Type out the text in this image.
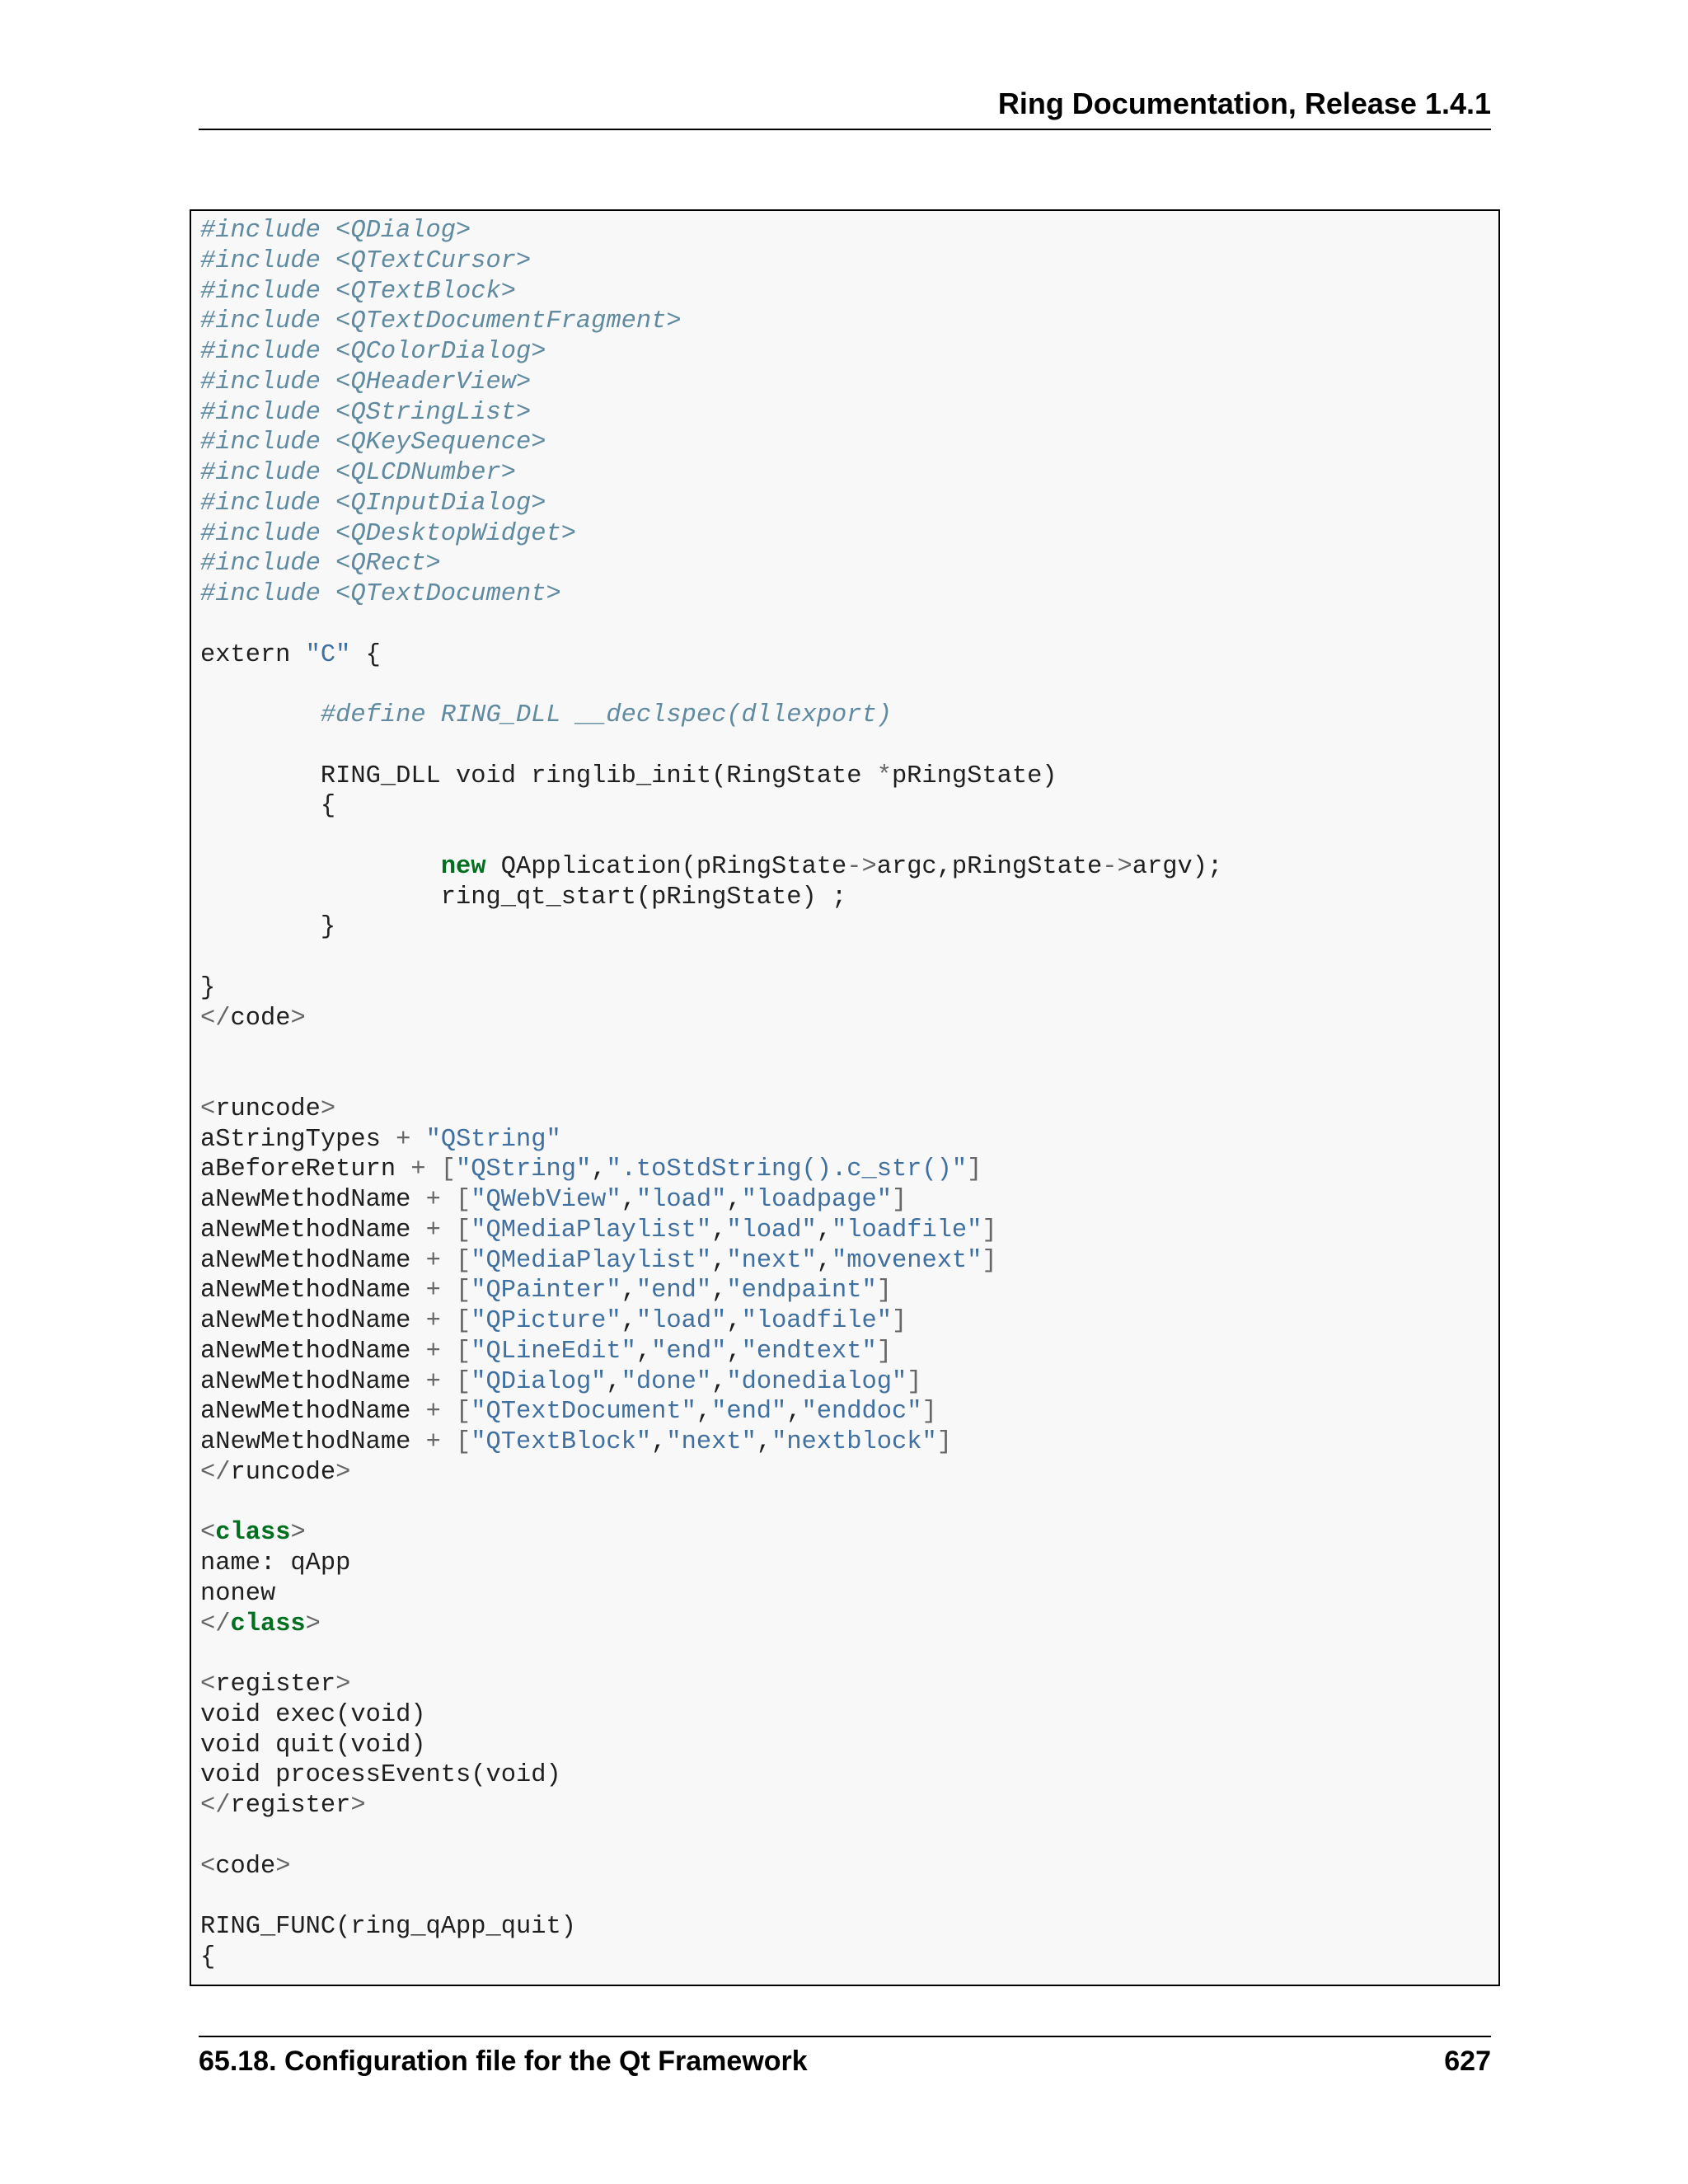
Ring Documentation, Release 1.4.1
#include <QDialog>
#include <QTextCursor>
#include <QTextBlock>
#include <QTextDocumentFragment>
#include <QColorDialog>
#include <QHeaderView>
#include <QStringList>
#include <QKeySequence>
#include <QLCDNumber>
#include <QInputDialog>
#include <QDesktopWidget>
#include <QRect>
#include <QTextDocument>

extern "C" {

#define RING_DLL __declspec(dllexport)

RING_DLL void ringlib_init(RingState *pRingState)
{

new QApplication(pRingState->argc,pRingState->argv);
ring_qt_start(pRingState) ;
}

}
</code>

<runcode>
aStringTypes + "QString"
aBeforeReturn + ["QString",".toStdString().c_str()"]
aNewMethodName + ["QWebView","load","loadpage"]
aNewMethodName + ["QMediaPlaylist","load","loadfile"]
aNewMethodName + ["QMediaPlaylist","next","movenext"]
aNewMethodName + ["QPainter","end","endpaint"]
aNewMethodName + ["QPicture","load","loadfile"]
aNewMethodName + ["QLineEdit","end","endtext"]
aNewMethodName + ["QDialog","done","donedialog"]
aNewMethodName + ["QTextDocument","end","enddoc"]
aNewMethodName + ["QTextBlock","next","nextblock"]
</runcode>

<class>
name: qApp
nonew
</class>

<register>
void exec(void)
void quit(void)
void processEvents(void)
</register>

<code>

RING_FUNC(ring_qApp_quit)
{

65.18. Configuration file for the Qt Framework	627
